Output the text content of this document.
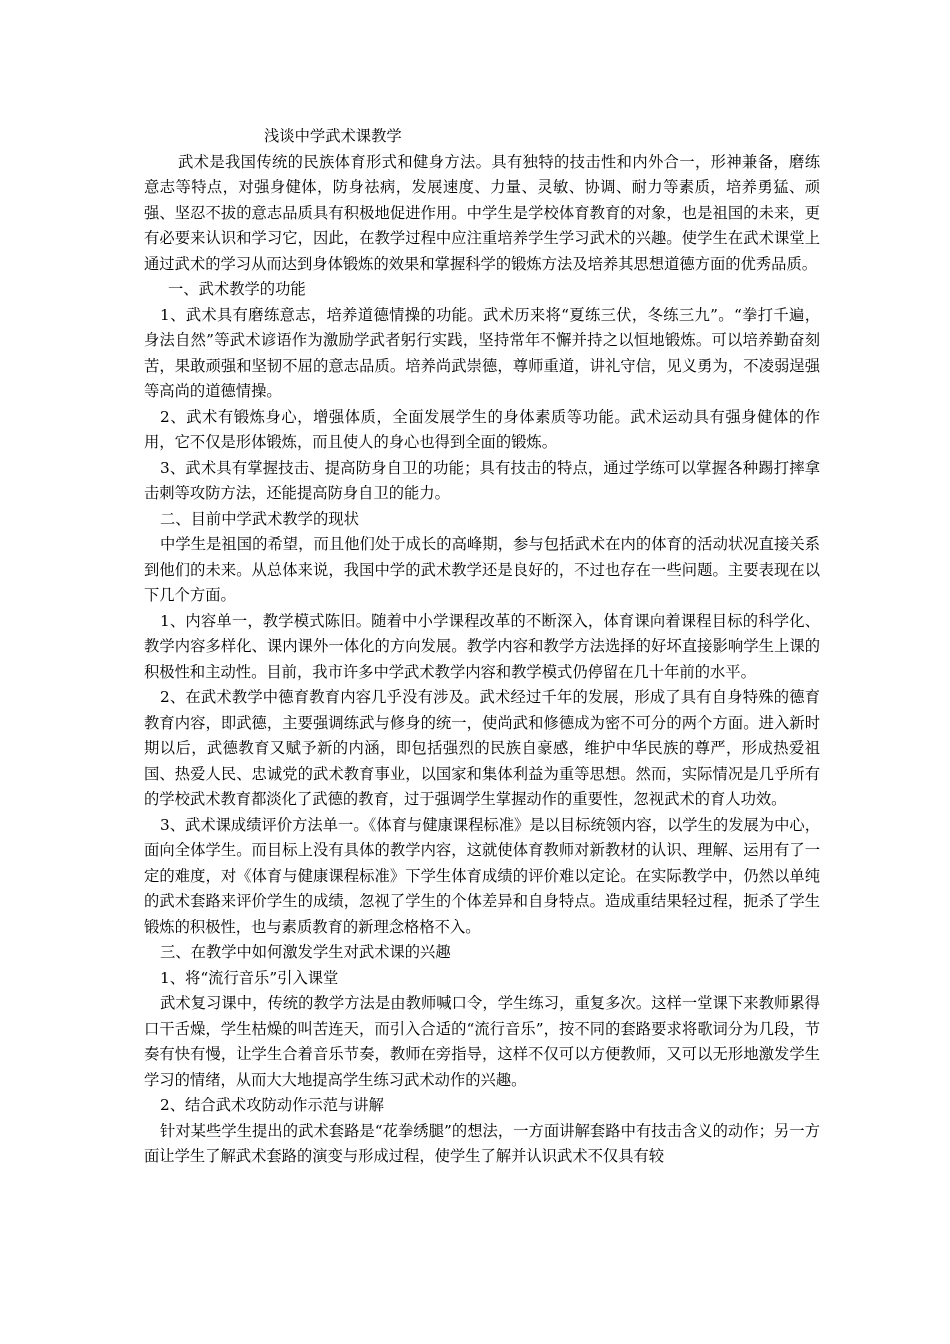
浅谈中学武术课教学

武术是我国传统的民族体育形式和健身方法。具有独特的技击性和内外合一，形神兼备，磨练意志等特点，对强身健体，防身祛病，发展速度、力量、灵敏、协调、耐力等素质，培养勇猛、顽强、坚忍不拔的意志品质具有积极地促进作用。中学生是学校体育教育的对象，也是祖国的未来，更有必要来认识和学习它，因此，在教学过程中应注重培养学生学习武术的兴趣。使学生在武术课堂上通过武术的学习从而达到身体锻炼的效果和掌握科学的锻炼方法及培养其思想道德方面的优秀品质。

一、武术教学的功能

1、武术具有磨练意志，培养道德情操的功能。武术历来将“夏练三伏，冬练三九”。“拳打千遍，身法自然”等武术谚语作为激励学武者躬行实践，坚持常年不懈并持之以恒地锻炼。可以培养勤奋刻苦，果敢顽强和坚韧不屈的意志品质。培养尚武崇德，尊师重道，讲礼守信，见义勇为，不凌弱逞强等高尚的道德情操。

2、武术有锻炼身心，增强体质，全面发展学生的身体素质等功能。武术运动具有强身健体的作用，它不仅是形体锻炼，而且使人的身心也得到全面的锻炼。

3、武术具有掌握技击、提高防身自卫的功能；具有技击的特点，通过学练可以掌握各种踢打摔拿击刺等攻防方法，还能提高防身自卫的能力。

二、目前中学武术教学的现状

中学生是祖国的希望，而且他们处于成长的高峰期，参与包括武术在内的体育的活动状况直接关系到他们的未来。从总体来说，我国中学的武术教学还是良好的，不过也存在一些问题。主要表现在以下几个方面。

1、内容单一，教学模式陈旧。随着中小学课程改革的不断深入，体育课向着课程目标的科学化、教学内容多样化、课内课外一体化的方向发展。教学内容和教学方法选择的好坏直接影响学生上课的积极性和主动性。目前，我市许多中学武术教学内容和教学模式仍停留在几十年前的水平。

2、在武术教学中德育教育内容几乎没有涉及。武术经过千年的发展，形成了具有自身特殊的德育教育内容，即武德，主要强调练武与修身的统一，使尚武和修德成为密不可分的两个方面。进入新时期以后，武德教育又赋予新的内涵，即包括强烈的民族自豪感，维护中华民族的尊严，形成热爱祖国、热爱人民、忠诚党的武术教育事业，以国家和集体利益为重等思想。然而，实际情况是几乎所有的学校武术教育都淡化了武德的教育，过于强调学生掌握动作的重要性，忽视武术的育人功效。

3、武术课成绩评价方法单一。《体育与健康课程标准》是以目标统领内容，以学生的发展为中心，面向全体学生。而目标上没有具体的教学内容，这就使体育教师对新教材的认识、理解、运用有了一定的难度，对《体育与健康课程标准》下学生体育成绩的评价难以定论。在实际教学中，仍然以单纯的武术套路来评价学生的成绩，忽视了学生的个体差异和自身特点。造成重结果轻过程，扼杀了学生锻炼的积极性，也与素质教育的新理念格格不入。

三、在教学中如何激发学生对武术课的兴趣

1、将“流行音乐”引入课堂

武术复习课中，传统的教学方法是由教师喊口令，学生练习，重复多次。这样一堂课下来教师累得口干舌燥，学生枯燥的叫苦连天，而引入合适的“流行音乐”，按不同的套路要求将歌词分为几段，节奏有快有慢，让学生合着音乐节奏，教师在旁指导，这样不仅可以方便教师，又可以无形地激发学生学习的情绪，从而大大地提高学生练习武术动作的兴趣。

2、结合武术攻防动作示范与讲解

针对某些学生提出的武术套路是“花拳绣腿”的想法，一方面讲解套路中有技击含义的动作；另一方面让学生了解武术套路的演变与形成过程，使学生了解并认识武术不仅具有较
